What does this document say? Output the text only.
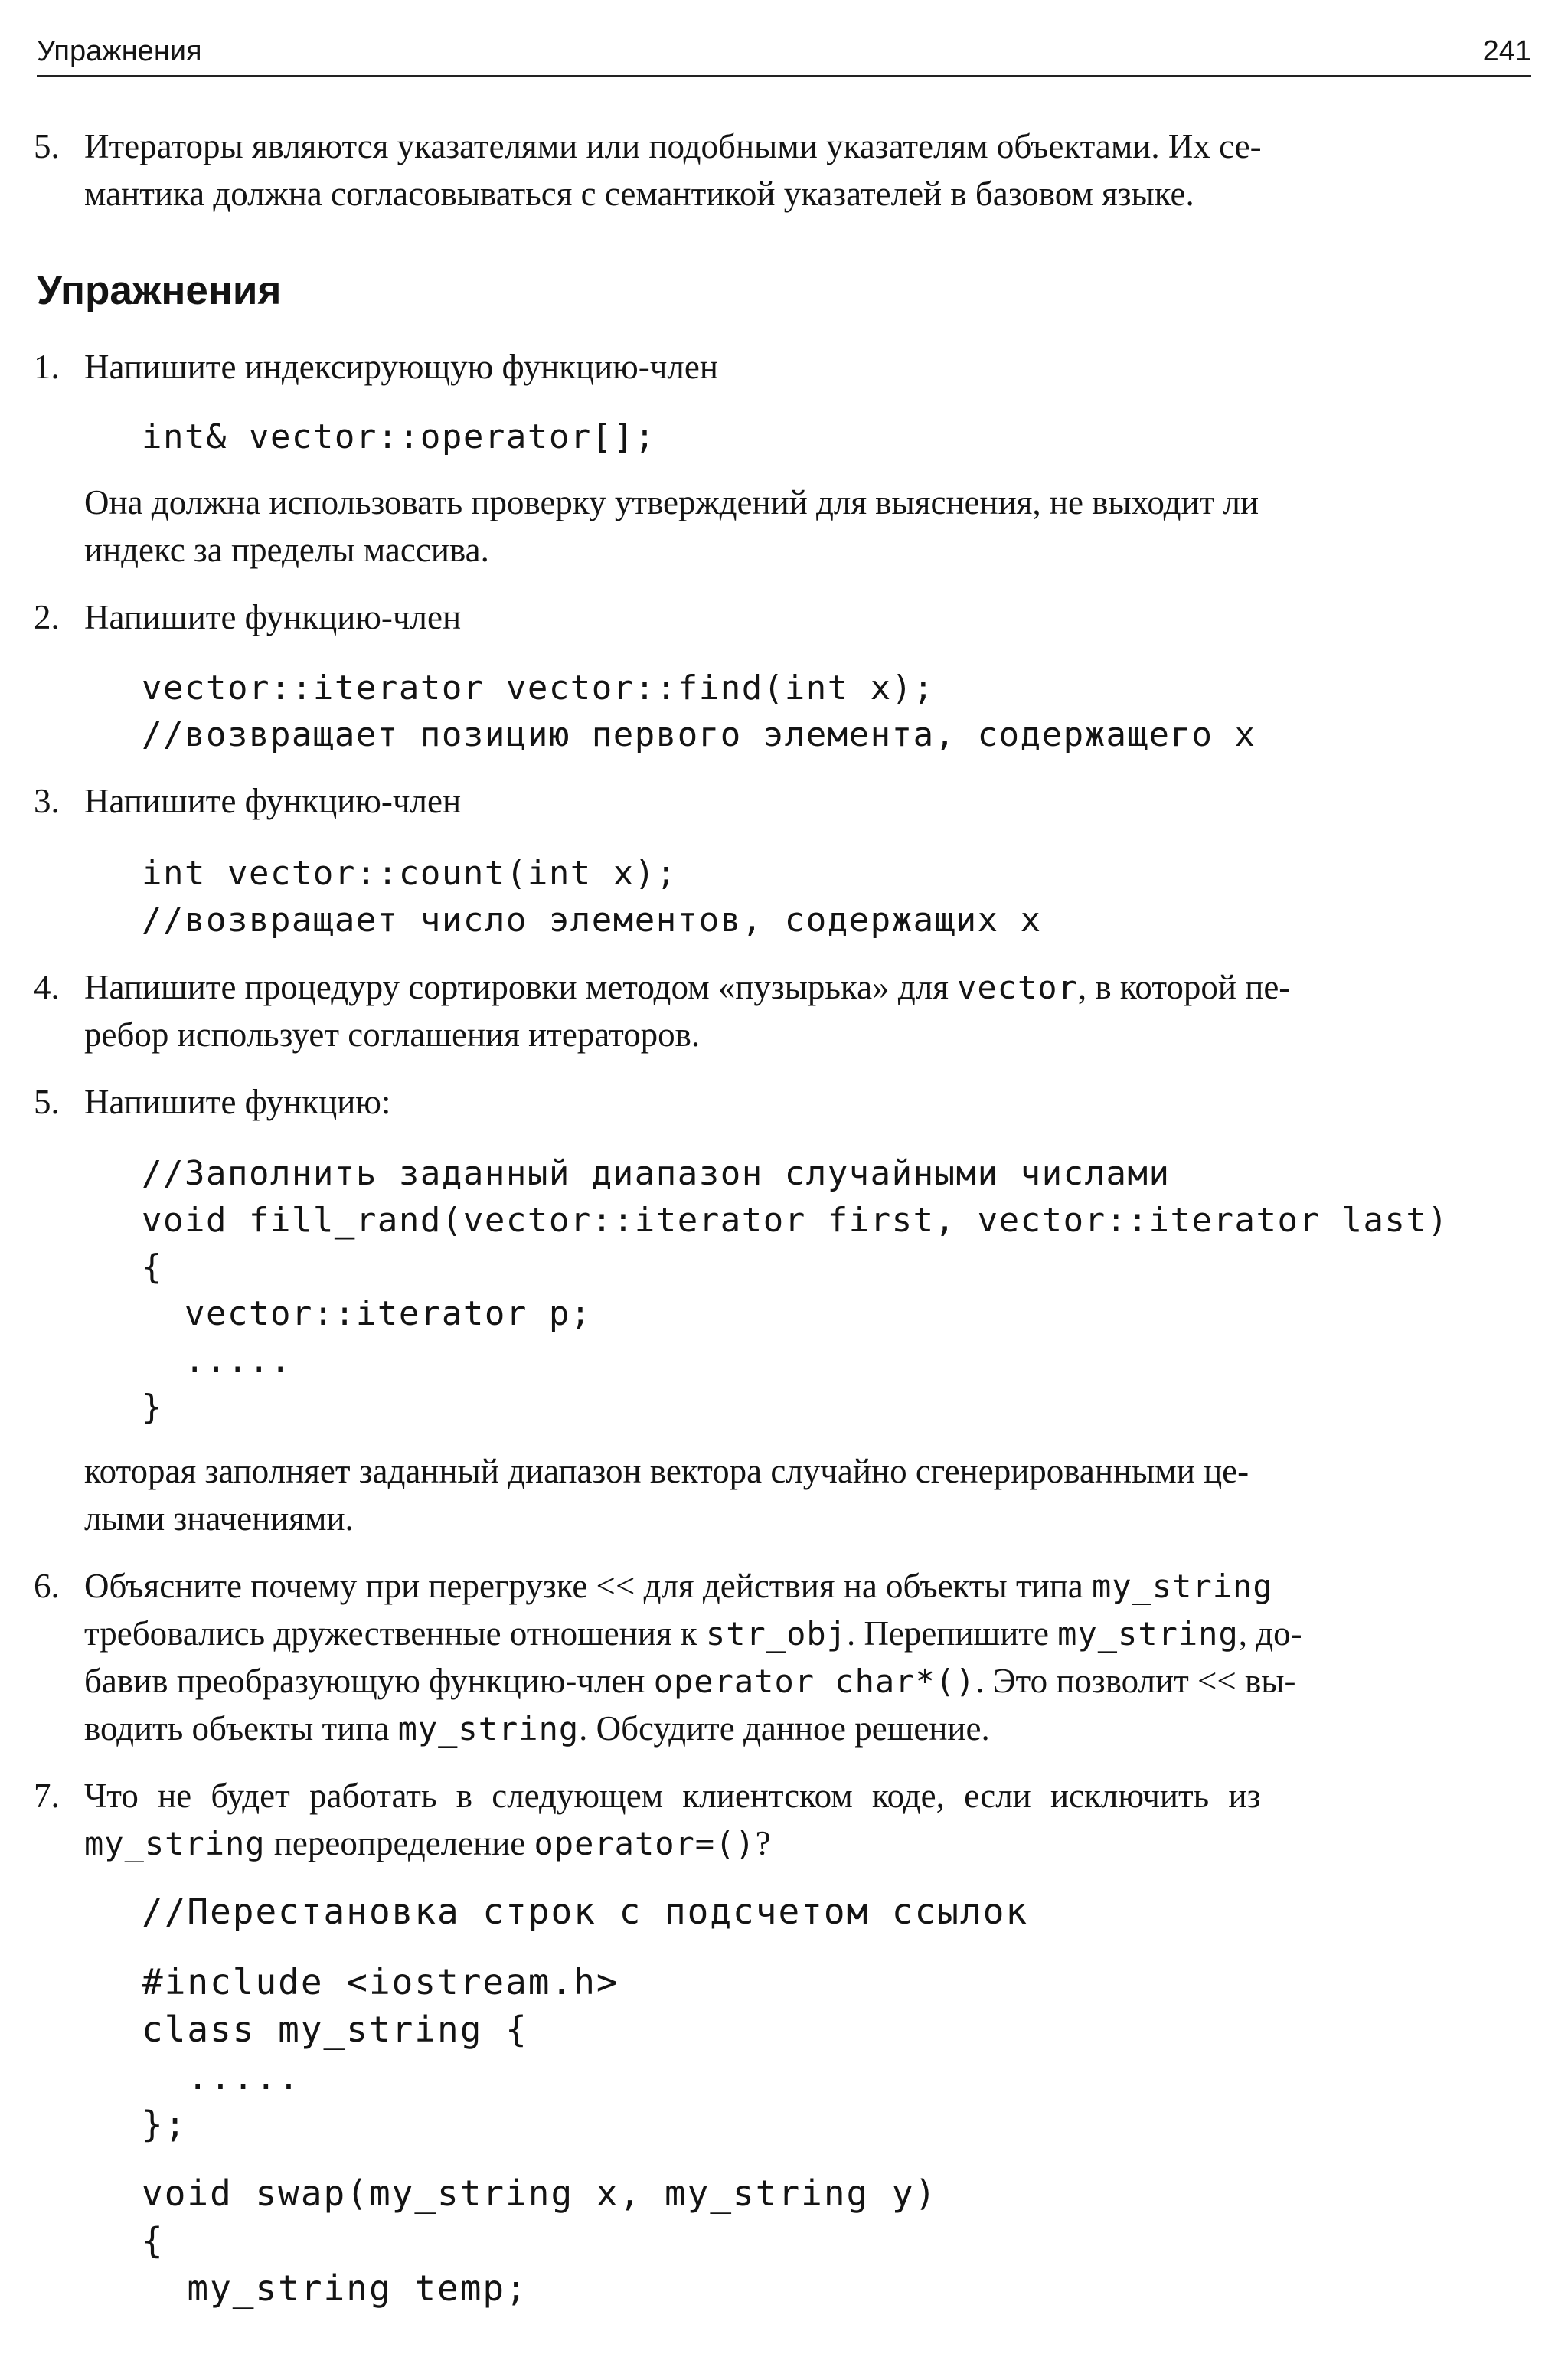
Упражнения	241
5. Итераторы являются указателями или подобными указателям объектами. Их се-
мантика должна согласовываться с семантикой указателей в базовом языке.
Упражнения
1. Напишите индексирующую функцию-член
int& vector::operator[];
Она должна использовать проверку утверждений для выяснения, не выходит ли
индекс за пределы массива.
2. Напишите функцию-член
vector::iterator vector::find(int x);
//возвращает позицию первого элемента, содержащего x
3. Напишите функцию-член
int vector::count(int x);
//возвращает число элементов, содержащих x
4. Напишите процедуру сортировки методом «пузырька» для vector, в которой пе-
ребор использует соглашения итераторов.
5. Напишите функцию:
//Заполнить заданный диапазон случайными числами
void fill_rand(vector::iterator first, vector::iterator last)
{
vector::iterator p;
.....
}
которая заполняет заданный диапазон вектора случайно сгенерированными це-
лыми значениями.
6. Объясните почему при перегрузке << для действия на объекты типа my_string
требовались дружественные отношения к str_obj. Перепишите my_string, до-
бавив преобразующую функцию-член operator char*(). Это позволит << вы-
водить объекты типа my_string. Обсудите данное решение.
7. Что не будет работать в следующем клиентском коде, если исключить из
my_string переопределение operator=()?
//Перестановка строк с подсчетом ссылок
#include <iostream.h>
class my_string {
.....
};
void swap(my_string x, my_string y)
{
my_string temp;
